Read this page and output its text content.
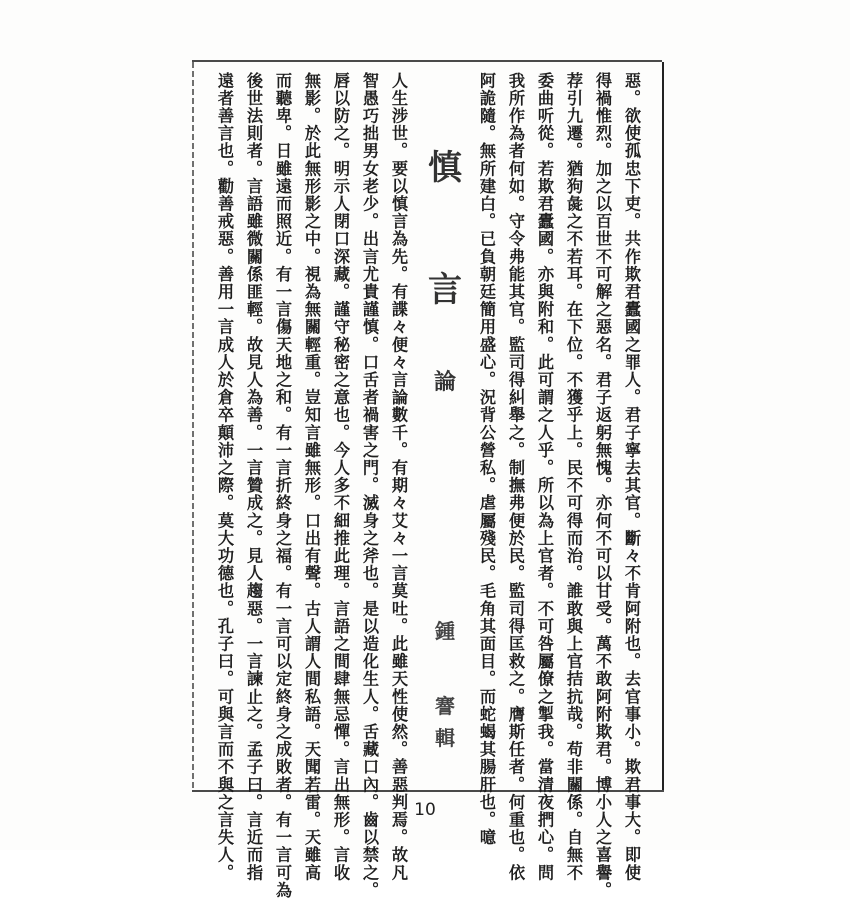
惡。欲使孤忠下吏。共作欺君蠹國之罪人。君子寧去其官。斷々不肯阿附也。去官事小。欺君事大。即使
得禍惟烈。加之以百世不可解之惡名。君子返躬無愧。亦何不可以甘受。萬不敢阿附欺君。博小人之喜譽。
荐引九遷。猶狗彘之不若耳。在下位。不獲乎上。民不可得而治。誰敢與上官拮抗哉。苟非關係。自無不
委曲听從。若欺君蠹國。亦與附和。此可謂之人乎。所以為上官者。不可咎屬僚之掣我。當清夜捫心。問
我所作為者何如。守令弗能其官。監司得糾舉之。制撫弗便於民。監司得匡救之。膺斯任者。何重也。依
阿詭隨。無所建白。已負朝廷簡用盛心。況背公營私。虐屬殘民。毛角其面目。而蛇蝎其腸肝也。噫
慎
言
論
鍾
謇
輯
人生涉世。要以慎言為先。有諜々便々言論數千。有期々艾々一言莫吐。此雖天性使然。善惡判焉。故凡
智愚巧拙男女老少。出言尤貴謹慎。口舌者禍害之門。滅身之斧也。是以造化生人。舌藏口內。齒以禁之。
唇以防之。明示人閉口深藏。謹守秘密之意也。今人多不細推此理。言語之間肆無忌憚。言出無形。言收
無影。於此無形影之中。視為無關輕重。豈知言雖無形。口出有聲。古人謂人間私語。天聞若雷。天雖高
而聽卑。日雖遠而照近。有一言傷天地之和。有一言折終身之福。有一言可以定終身之成敗者。有一言可為
後世法則者。言語雖微關係匪輕。故見人為善。一言贊成之。見人趨惡。一言諫止之。孟子曰。言近而指
遠者善言也。勸善戒惡。善用一言成人於倉卒顛沛之際。莫大功德也。孔子曰。可與言而不與之言失人。	10
